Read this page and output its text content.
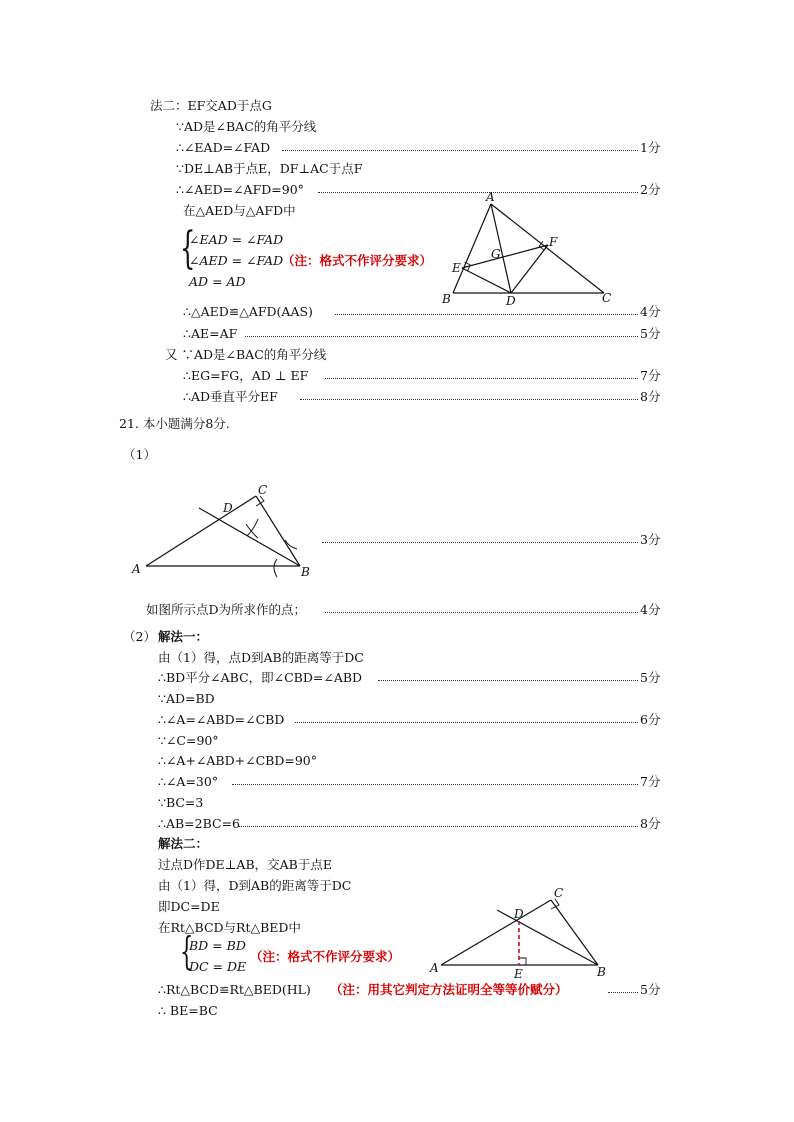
法二：EF交AD于点G
∵AD是∠BAC的角平分线
∴∠EAD=∠FAD	1分
∵DE⊥AB于点E，DF⊥AC于点F
∴∠AED=∠AFD=90°	2分
在△AED与△AFD中
{
∠EAD = ∠FAD
∠AED = ∠FAD
（注：格式不作评分要求）
AD = AD
∴△AED≌△AFD(AAS)	4分
∴AE=AF	5分
又 ∵AD是∠BAC的角平分线
∴EG=FG，AD ⊥ EF	7分
∴AD垂直平分EF	8分
A
B	C
D
E
F
G
A	B
C
D
A	B
C
D
E
21. 本小题满分8分.
（1）
3分
如图所示点D为所求作的点；	4分
（2） 解法一：
由（1）得，点D到AB的距离等于DC
∴BD平分∠ABC，即∠CBD=∠ABD	5分
∵AD=BD
∴∠A=∠ABD=∠CBD	6分
∵∠C=90°
∴∠A+∠ABD+∠CBD=90°
∴∠A=30°	7分
∵BC=3
∴AB=2BC=6	8分
解法二：
过点D作DE⊥AB，交AB于点E
由（1）得，D到AB的距离等于DC
即DC=DE
在Rt△BCD与Rt△BED中
{
BD = BD
（注：格式不作评分要求）
DC = DE
∴Rt△BCD≌Rt△BED(HL) （注：用其它判定方法证明全等等价赋分）	5分
∴ BE=BC
